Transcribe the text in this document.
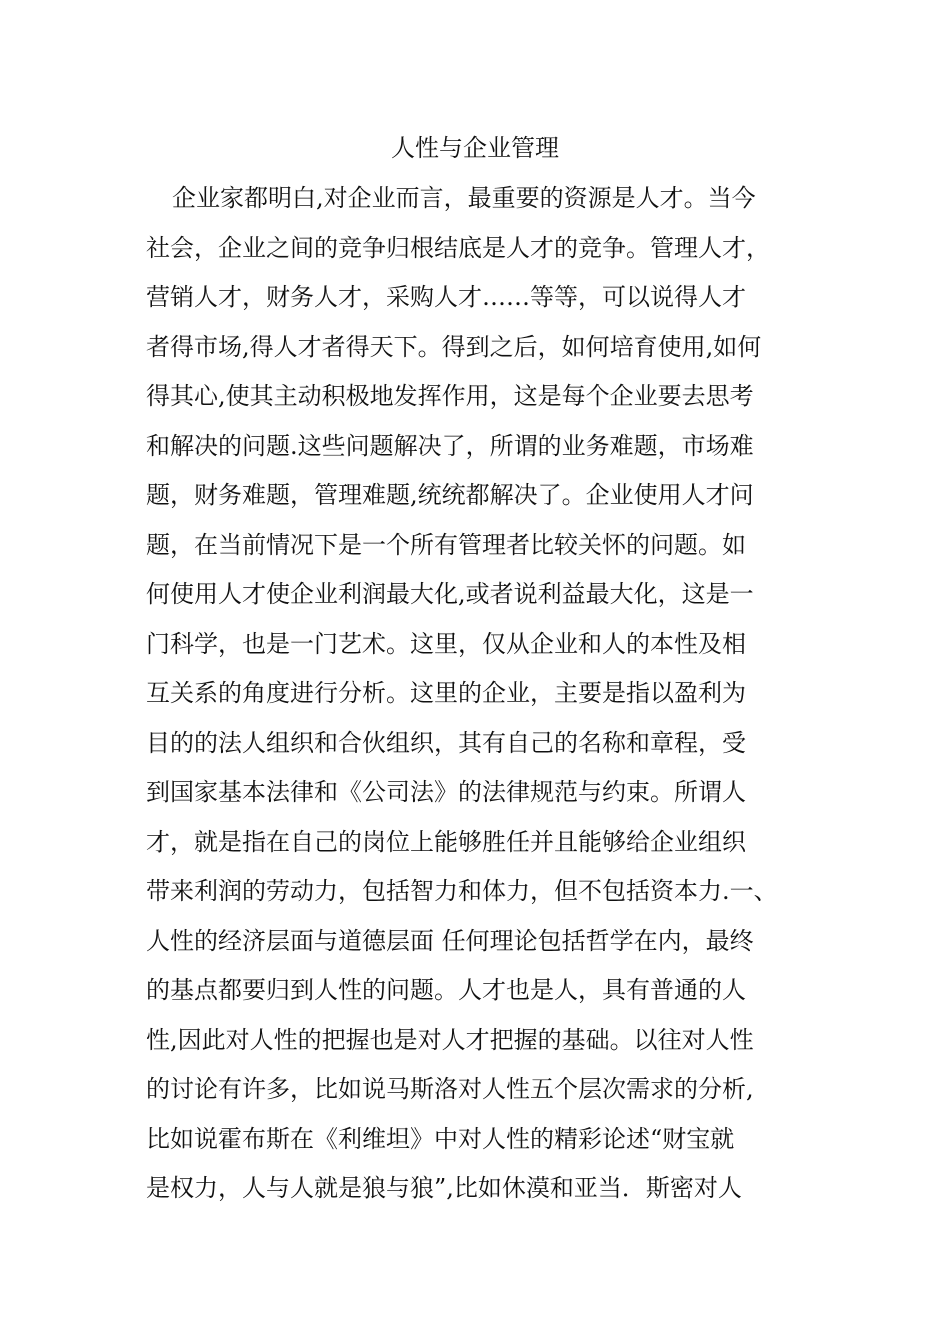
人性与企业管理
企业家都明白,对企业而言，最重要的资源是人才。当今
社会，企业之间的竞争归根结底是人才的竞争。管理人才，
营销人才，财务人才，采购人才……等等，可以说得人才
者得市场,得人才者得天下。得到之后，如何培育使用,如何
得其心,使其主动积极地发挥作用，这是每个企业要去思考
和解决的问题.这些问题解决了，所谓的业务难题，市场难
题，财务难题，管理难题,统统都解决了。企业使用人才问
题，在当前情况下是一个所有管理者比较关怀的问题。如
何使用人才使企业利润最大化,或者说利益最大化，这是一
门科学，也是一门艺术。这里，仅从企业和人的本性及相
互关系的角度进行分析。这里的企业，主要是指以盈利为
目的的法人组织和合伙组织，其有自己的名称和章程，受
到国家基本法律和《公司法》的法律规范与约束。所谓人
才，就是指在自己的岗位上能够胜任并且能够给企业组织
带来利润的劳动力，包括智力和体力，但不包括资本力.一、
人性的经济层面与道德层面 任何理论包括哲学在内，最终
的基点都要归到人性的问题。人才也是人，具有普通的人
性,因此对人性的把握也是对人才把握的基础。以往对人性
的讨论有许多，比如说马斯洛对人性五个层次需求的分析,
比如说霍布斯在《利维坦》中对人性的精彩论述“财宝就
是权力，人与人就是狼与狼”,比如休漠和亚当．斯密对人
